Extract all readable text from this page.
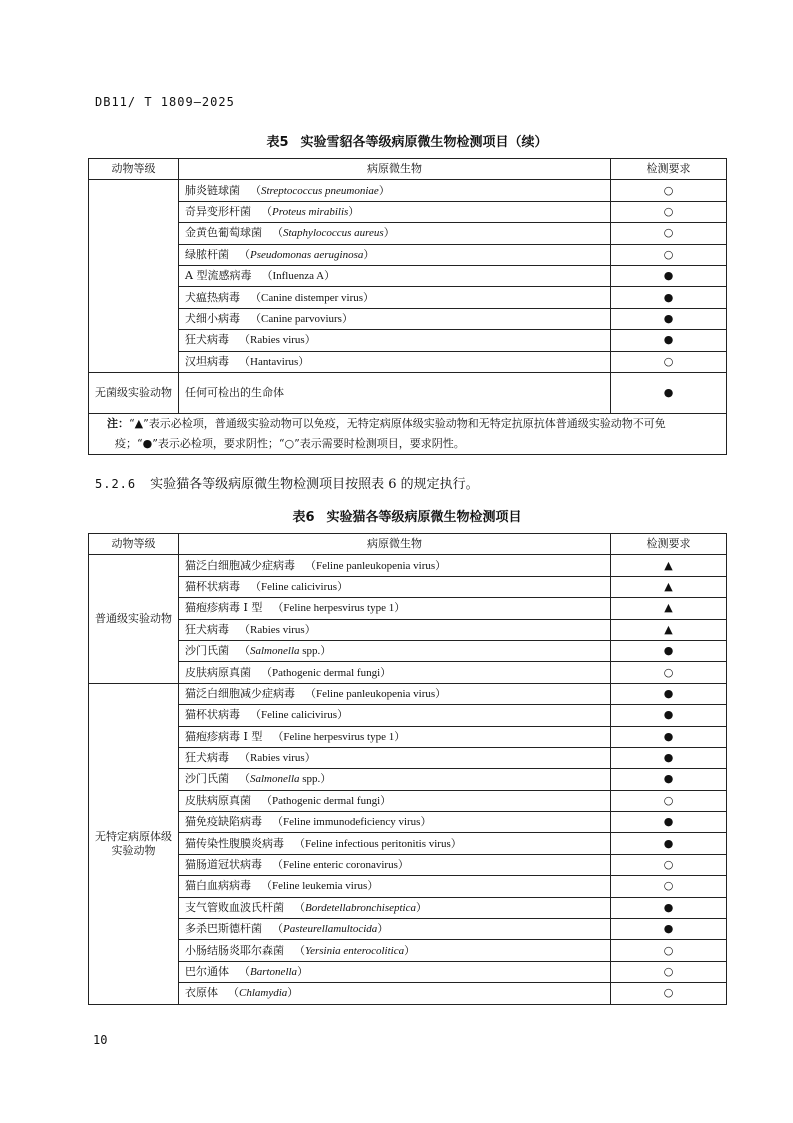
DB11/ T 1809—2025
表5 实验雪貂各等级病原微生物检测项目（续）
动物等级	病原微生物	检测要求
	肺炎链球菌 （Streptococcus pneumoniae）	○
	奇异变形杆菌 （Proteus mirabilis）	○
	金黄色葡萄球菌 （Staphylococcus aureus）	○
	绿脓杆菌 （Pseudomonas aeruginosa）	○
	A 型流感病毒 （Influenza A）	●
	犬瘟热病毒 （Canine distemper virus）	●
	犬细小病毒 （Canine parvoviurs）	●
	狂犬病毒 （Rabies virus）	●
	汉坦病毒 （Hantavirus）	○
无菌级实验动物	任何可检出的生命体	●
注：“▲”表示必检项，普通级实验动物可以免疫，无特定病原体级实验动物和无特定抗原抗体普通级实验动物不可免疫；“●”表示必检项，要求阴性；“○”表示需要时检测项目，要求阴性。		
5.2.6 实验猫各等级病原微生物检测项目按照表 6 的规定执行。
表6 实验猫各等级病原微生物检测项目
动物等级	病原微生物	检测要求
普通级实验动物	猫泛白细胞减少症病毒 （Feline panleukopenia virus）	▲
	猫杯状病毒 （Feline calicivirus）	▲
	猫疱疹病毒 I 型 （Feline herpesvirus type 1）	▲
	狂犬病毒 （Rabies virus）	▲
	沙门氏菌 （Salmonella spp.）	●
	皮肤病原真菌 （Pathogenic dermal fungi）	○
无特定病原体级实验动物	猫泛白细胞减少症病毒 （Feline panleukopenia virus）	●
	猫杯状病毒 （Feline calicivirus）	●
	猫疱疹病毒 I 型 （Feline herpesvirus type 1）	●
	狂犬病毒 （Rabies virus）	●
	沙门氏菌 （Salmonella spp.）	●
	皮肤病原真菌 （Pathogenic dermal fungi）	○
	猫免疫缺陷病毒 （Feline immunodeficiency virus）	●
	猫传染性腹膜炎病毒 （Feline infectious peritonitis virus）	●
	猫肠道冠状病毒 （Feline enteric coronavirus）	○
	猫白血病病毒 （Feline leukemia virus）	○
	支气管败血波氏杆菌 （Bordetellabronchiseptica）	●
	多杀巴斯德杆菌 （Pasteurellamultocida）	●
	小肠结肠炎耶尔森菌 （Yersinia enterocolitica）	○
	巴尔通体 （Bartonella）	○
	衣原体 （Chlamydia）	○
10
